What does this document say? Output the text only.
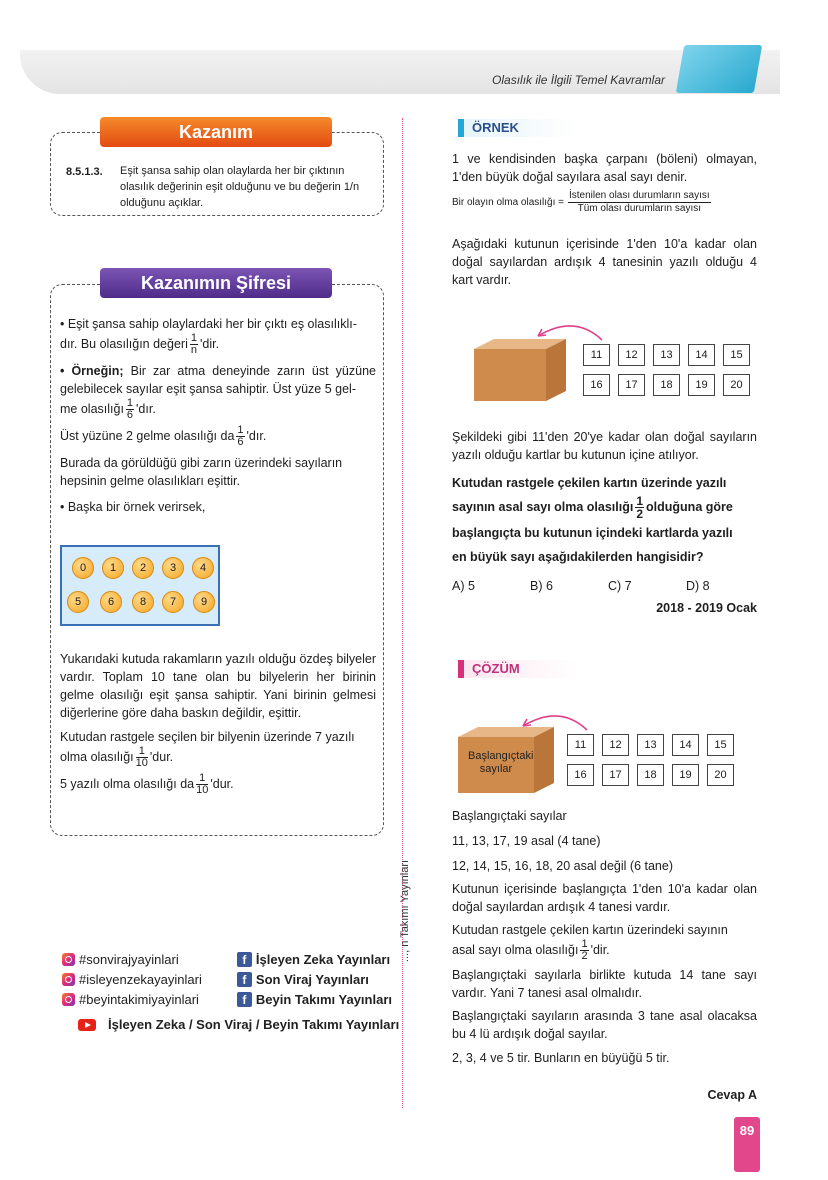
Olasılık ile İlgili Temel Kavramlar
..., n Takımı Yayınları
Kazanım
8.5.1.3. Eşit şansa sahip olan olaylarda her bir çıktının olasılık değerinin eşit olduğunu ve bu değerin 1/n olduğunu açıklar.
Kazanımın Şifresi

• Eşit şansa sahip olaylardaki her bir çıktı eş olasılıklı-

dır. Bu olasılığın değeri $\frac{1}{n}$ 'dir.

• Örneğin; Bir zar atma deneyinde zarın üst yüzüne gelebilecek sayılar eşit şansa sahiptir. Üst yüze 5 gel-

me olasılığı $\frac{1}{6}$ 'dır.

Üst yüzüne 2 gelme olasılığı da $\frac{1}{6}$ 'dır.

Burada da görüldüğü gibi zarın üzerindeki sayıların hepsinin gelme olasılıkları eşittir.

• Başka bir örnek verirsek,

0	1	2	3	4
5	6	8	7	9

Yukarıdaki kutuda rakamların yazılı olduğu özdeş bilyeler vardır. Toplam 10 tane olan bu bilyelerin her birinin gelme olasılığı eşit şansa sahiptir. Yani birinin gelmesi diğerlerine göre daha baskın değildir, eşittir.

Kutudan rastgele seçilen bir bilyenin üzerinde 7 yazılı

olma olasılığı $\frac{1}{10}$ 'dur.

5 yazılı olma olasılığı da $\frac{1}{10}$ 'dur.

#sonvirajyayinlari
#isleyenzekayayinlari
#beyintakimiyayinlari
f İşleyen Zeka Yayınları
f Son Viraj Yayınları
f Beyin Takımı Yayınları
İşleyen Zeka / Son Viraj / Beyin Takımı Yayınları
ÖRNEK

1 ve kendisinden başka çarpanı (böleni) olmayan, 1'den büyük doğal sayılara asal sayı denir.

Bir olayın olma olasılığı = $\frac{\text{İstenilen olası durumların sayısı}}{\text{Tüm olası durumların sayısı}}$

Aşağıdaki kutunun içerisinde 1'den 10'a kadar olan doğal sayılardan ardışık 4 tanesinin yazılı olduğu 4 kart vardır.

11	12	13	14	15
16	17	18	19	20

Şekildeki gibi 11'den 20'ye kadar olan doğal sayıların yazılı olduğu kartlar bu kutunun içine atılıyor.

Kutudan rastgele çekilen kartın üzerinde yazılı

sayının asal sayı olma olasılığı $\frac{1}{2}$ olduğuna göre

başlangıçta bu kutunun içindeki kartlarda yazılı

en büyük sayı aşağıdakilerden hangisidir?

A) 5	B) 6	C) 7	D) 8
2018 - 2019 Ocak
ÇÖZÜM
Başlangıçtaki sayılar
11	12	13	14	15
16	17	18	19	20

Başlangıçtaki sayılar

11, 13, 17, 19 asal (4 tane)

12, 14, 15, 16, 18, 20 asal değil (6 tane)

Kutunun içerisinde başlangıçta 1'den 10'a kadar olan doğal sayılardan ardışık 4 tanesi vardır.

Kutudan rastgele çekilen kartın üzerindeki sayının

asal sayı olma olasılığı $\frac{1}{2}$ 'dir.

Başlangıçtaki sayılarla birlikte kutuda 14 tane sayı vardır. Yani 7 tanesi asal olmalıdır.

Başlangıçtaki sayıların arasında 3 tane asal olacaksa bu 4 lü ardışık doğal sayılar.

2, 3, 4 ve 5 tir. Bunların en büyüğü 5 tir.

Cevap A
89
